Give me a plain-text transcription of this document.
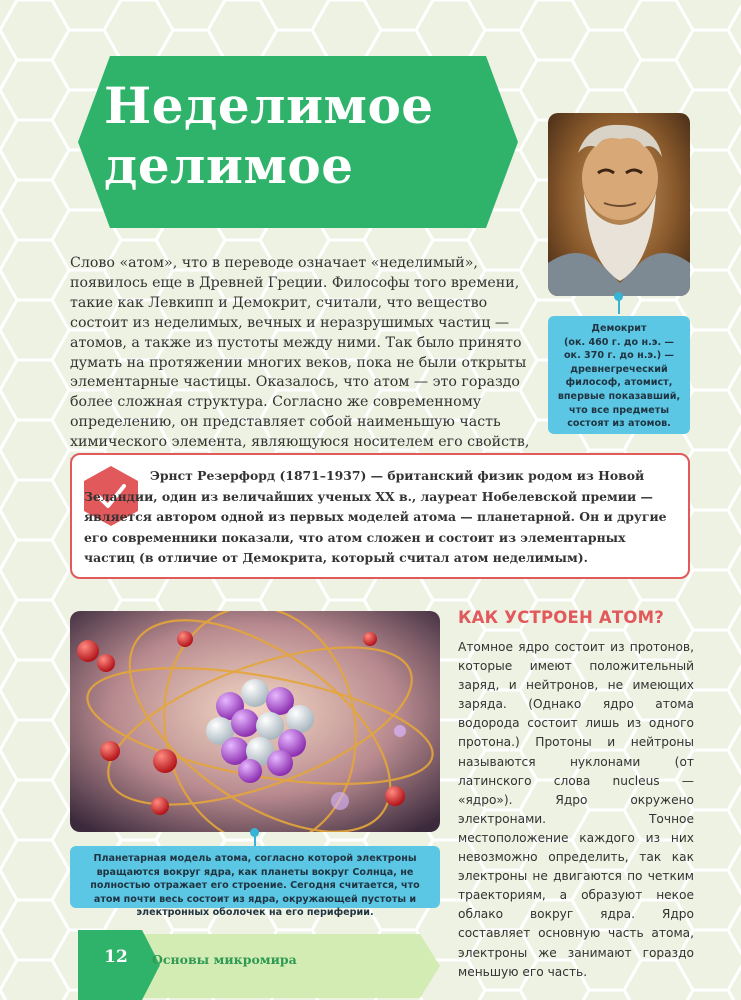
Неделимое
делимое
Демокрит
(ок. 460 г. до н.э. —
ок. 370 г. до н.э.) —
древнегреческий
философ, атомист,
впервые показавший,
что все предметы
состоят из атомов.
Слово «атом», что в переводе означает «неделимый», появилось еще в Древней Греции. Философы того времени, такие как Левкипп и Демокрит, считали, что вещество состоит из неделимых, вечных и неразрушимых частиц — атомов, а также из пустоты между ними. Так было принято думать на протяжении многих веков, пока не были открыты элементарные частицы. Оказалось, что атом — это гораздо более сложная структура. Согласно же современному определению, он представляет собой наименьшую часть химического элемента, являющуюся носителем его свойств,
Эрнст Резерфорд (1871–1937) — британский физик родом из Новой Зеландии, один из величайших ученых XX в., лауреат Нобелевской премии — является автором одной из первых моделей атома — планетарной. Он и другие его современники показали, что атом сложен и состоит из элементарных частиц (в отличие от Демокрита, который считал атом неделимым).
Планетарная модель атома, согласно которой электроны вращаются вокруг ядра, как планеты вокруг Солнца, не полностью отражает его строение. Сегодня считается, что атом почти весь состоит из ядра, окружающей пустоты и электронных оболочек на его периферии.
КАК УСТРОЕН АТОМ?
Атомное ядро состоит из протонов, которые имеют положительный заряд, и нейтронов, не имеющих заряда. (Однако ядро атома водорода состоит лишь из одного протона.) Протоны и нейтроны называются нуклонами (от латинского слова nucleus — «ядро»). Ядро окружено электронами. Точное местоположение каждого из них невозможно определить, так как электроны не двигаются по четким траекториям, а образуют некое облако вокруг ядра. Ядро составляет основную часть атома, электроны же занимают гораздо меньшую его часть.
12	Основы микромира
